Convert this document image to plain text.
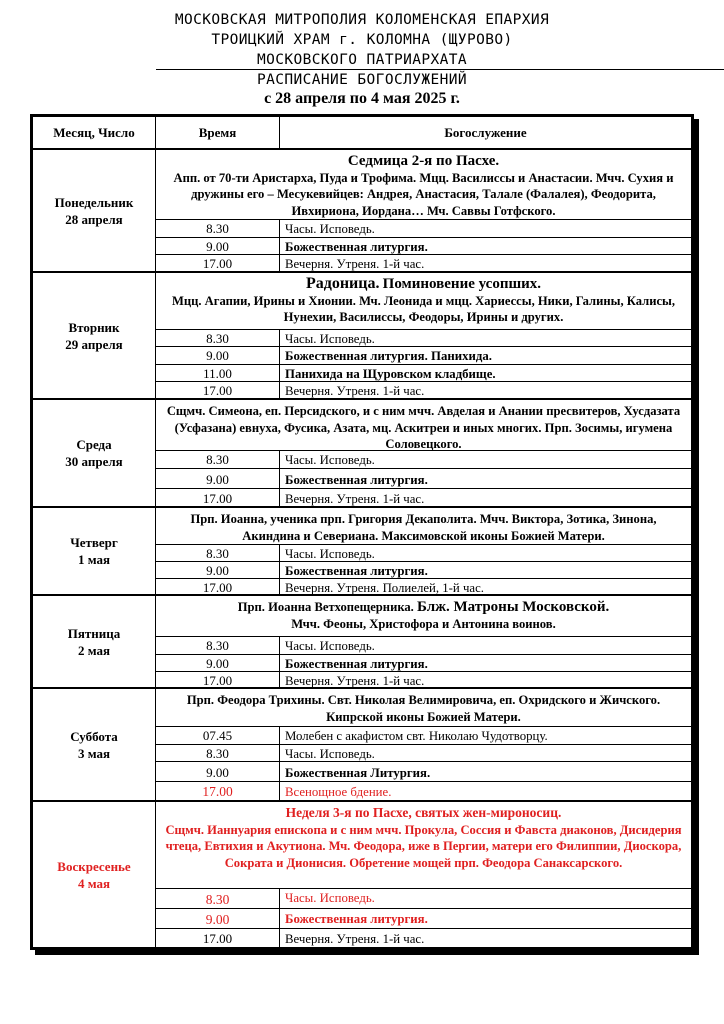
МОСКОВСКАЯ МИТРОПОЛИЯ КОЛОМЕНСКАЯ ЕПАРХИЯ
ТРОИЦКИЙ ХРАМ г. КОЛОМНА (ЩУРОВО)
МОСКОВСКОГО ПАТРИАРХАТА
РАСПИСАНИЕ БОГОСЛУЖЕНИЙ
с 28 апреля по 4 мая 2025 г.
Месяц, Число	Время	Богослужение
Понедельник
28 апреля
Седмица 2-я по Пасхе.
Апп. от 70-ти Аристарха, Пуда и Трофима. Мцц. Василиссы и Анастасии. Мчч. Сухия и дружины его – Месукевийцев: Андрея, Анастасия, Талале (Фалалея), Феодорита, Ивхириона, Иордана… Мч. Саввы Готфского.
8.30	Часы. Исповедь.
9.00	Божественная литургия.
17.00	Вечерня. Утреня. 1-й час.
Вторник
29 апреля
Радоница. Поминовение усопших.
Мцц. Агапии, Ирины и Хионии. Мч. Леонида и мцц. Хариессы, Ники, Галины, Калисы, Нунехии, Василиссы, Феодоры, Ирины и других.
8.30	Часы. Исповедь.
9.00	Божественная литургия. Панихида.
11.00	Панихида на Щуровском кладбище.
17.00	Вечерня. Утреня. 1-й час.
Среда
30 апреля
Сщмч. Симеона, еп. Персидского, и с ним мчч. Авделая и Анании пресвитеров, Хусдазата (Усфазана) евнуха, Фусика, Азата, мц. Аскитреи и иных многих. Прп. Зосимы, игумена Соловецкого.
8.30	Часы. Исповедь.
9.00	Божественная литургия.
17.00	Вечерня. Утреня. 1-й час.
Четверг
1 мая
Прп. Иоанна, ученика прп. Григория Декаполита. Мчч. Виктора, Зотика, Зинона, Акиндина и Севериана. Максимовской иконы Божией Матери.
8.30	Часы. Исповедь.
9.00	Божественная литургия.
17.00	Вечерня. Утреня. Полиелей, 1-й час.
Пятница
2 мая
Прп. Иоанна Ветхопещерника. Блж. Матроны Московской.
Мчч. Феоны, Христофора и Антонина воинов.
8.30	Часы. Исповедь.
9.00	Божественная литургия.
17.00	Вечерня. Утреня. 1-й час.
Суббота
3 мая
Прп. Феодора Трихины. Свт. Николая Велимировича, еп. Охридского и Жичского. Кипрской иконы Божией Матери.
07.45	Молебен с акафистом свт. Николаю Чудотворцу.
8.30	Часы. Исповедь.
9.00	Божественная Литургия.
17.00	Всенощное бдение.
Воскресенье
4 мая
Неделя 3-я по Пасхе, святых жен-мироносиц.
Сщмч. Ианнуария епископа и с ним мчч. Прокула, Соссия и Фавста диаконов, Дисидерия чтеца, Евтихия и Акутиона. Мч. Феодора, иже в Пергии, матери его Филиппии, Диоскора, Сократа и Дионисия. Обретение мощей прп. Феодора Санаксарского.
8.30	Часы. Исповедь.
9.00	Божественная литургия.
17.00	Вечерня. Утреня. 1-й час.
